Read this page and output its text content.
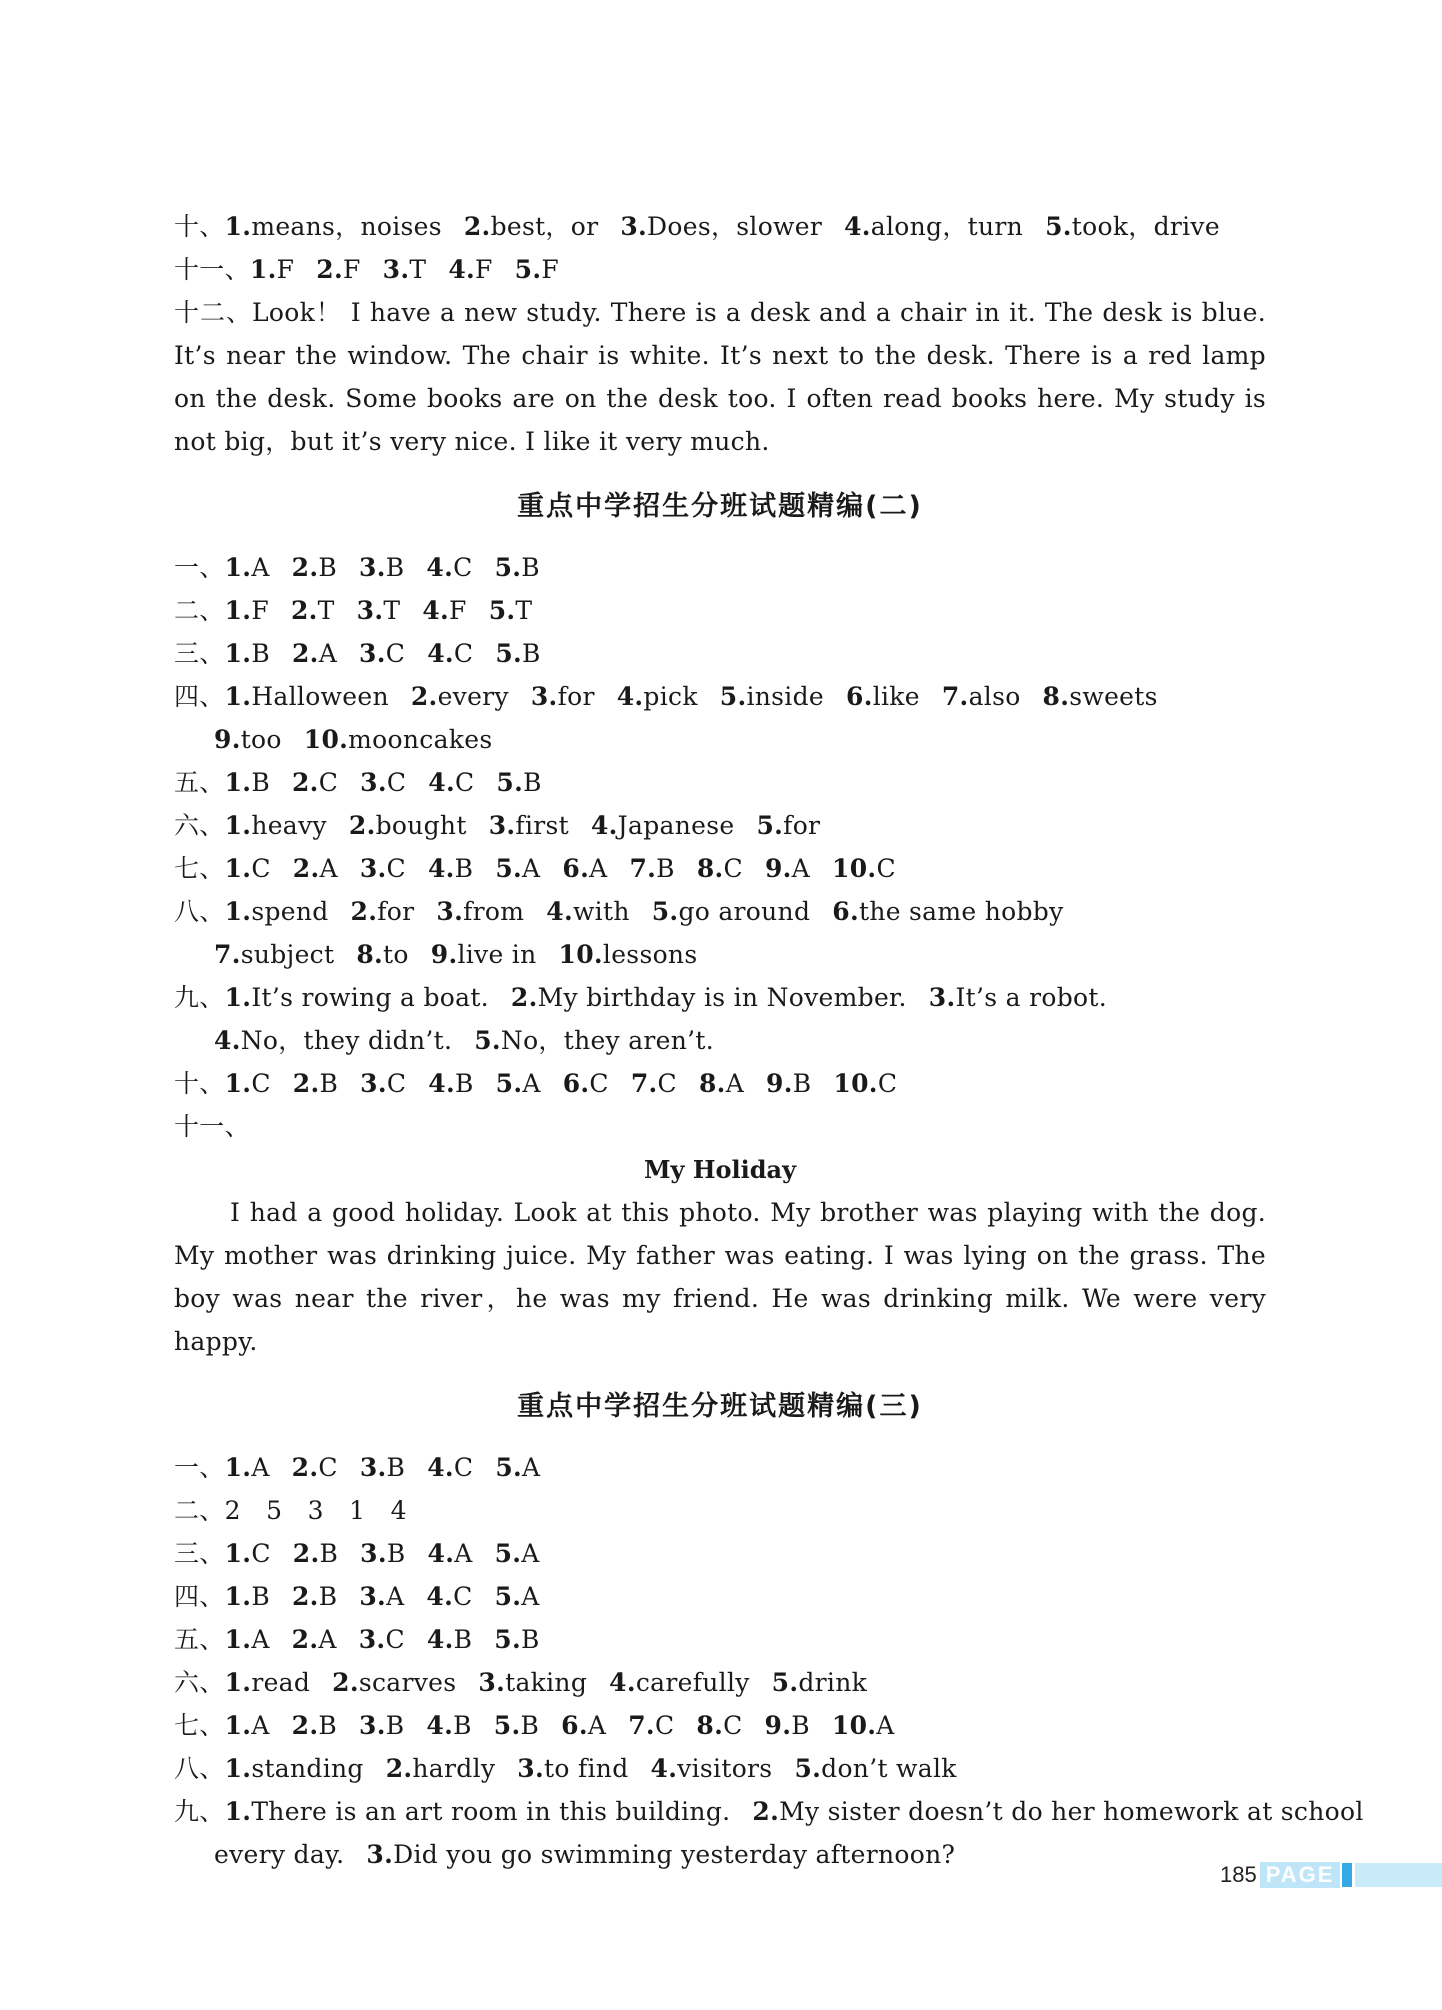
十、1.means，noises 2.best，or 3.Does，slower 4.along，turn 5.took，drive
十一、1.F 2.F 3.T 4.F 5.F
十二、Look！ I have a new study. There is a desk and a chair in it. The desk is blue. It’s near the window. The chair is white. It’s next to the desk. There is a red lamp on the desk. Some books are on the desk too. I often read books here. My study is not big，but it’s very nice. I like it very much.
重点中学招生分班试题精编(二)
一、1.A 2.B 3.B 4.C 5.B
二、1.F 2.T 3.T 4.F 5.T
三、1.B 2.A 3.C 4.C 5.B
四、1.Halloween 2.every 3.for 4.pick 5.inside 6.like 7.also 8.sweets
9.too 10.mooncakes
五、1.B 2.C 3.C 4.C 5.B
六、1.heavy 2.bought 3.first 4.Japanese 5.for
七、1.C 2.A 3.C 4.B 5.A 6.A 7.B 8.C 9.A 10.C
八、1.spend 2.for 3.from 4.with 5.go around 6.the same hobby
7.subject 8.to 9.live in 10.lessons
九、1.It’s rowing a boat. 2.My birthday is in November. 3.It’s a robot.
4.No，they didn’t. 5.No，they aren’t.
十、1.C 2.B 3.C 4.B 5.A 6.C 7.C 8.A 9.B 10.C
十一、
My Holiday
I had a good holiday. Look at this photo. My brother was playing with the dog. My mother was drinking juice. My father was eating. I was lying on the grass. The boy was near the river，he was my friend. He was drinking milk. We were very happy.
重点中学招生分班试题精编(三)
一、1.A 2.C 3.B 4.C 5.A
二、2　5　3　1　4
三、1.C 2.B 3.B 4.A 5.A
四、1.B 2.B 3.A 4.C 5.A
五、1.A 2.A 3.C 4.B 5.B
六、1.read 2.scarves 3.taking 4.carefully 5.drink
七、1.A 2.B 3.B 4.B 5.B 6.A 7.C 8.C 9.B 10.A
八、1.standing 2.hardly 3.to find 4.visitors 5.don’t walk
九、1.There is an art room in this building. 2.My sister doesn’t do her homework at school
every day. 3.Did you go swimming yesterday afternoon?
185 PAGE
